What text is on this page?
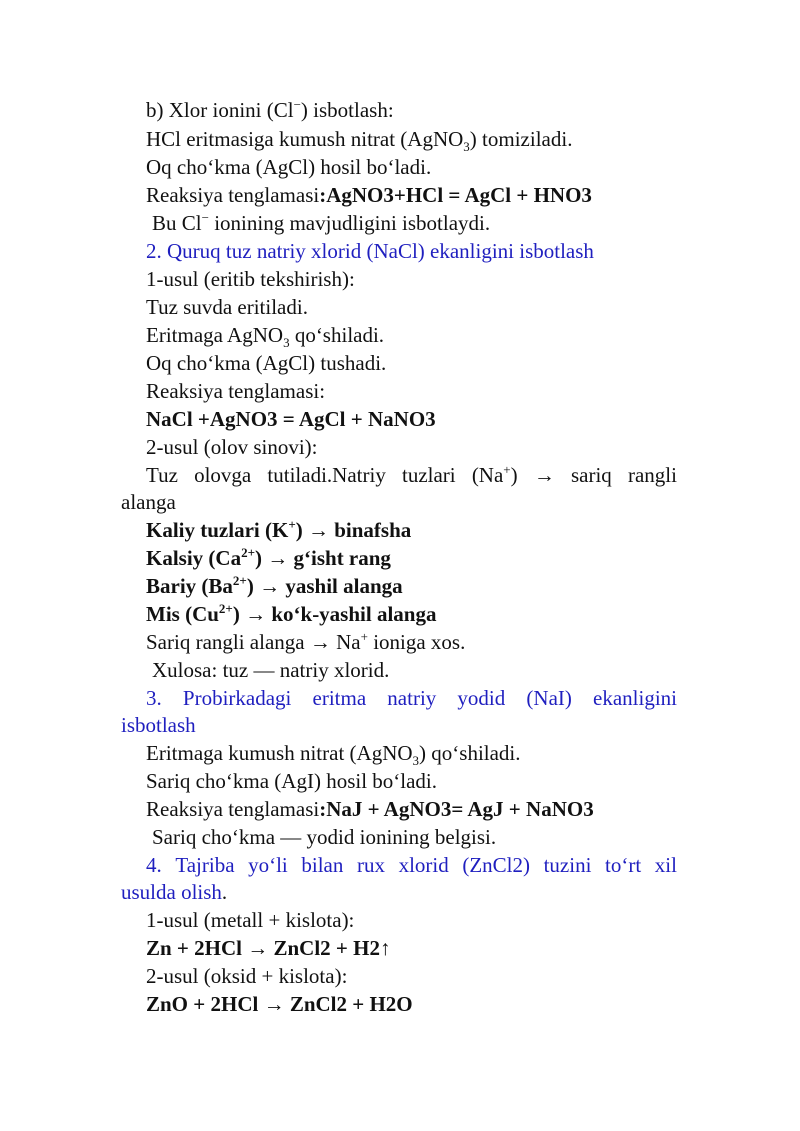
b) Xlor ionini (Cl−) isbotlash:
HCl eritmasiga kumush nitrat (AgNO$_3$) tomiziladi.
Oq cho‘kma (AgCl) hosil bo‘ladi.
Reaksiya tenglamasi:AgNO3+HCl = AgCl + HNO3
Bu Cl− ionining mavjudligini isbotlaydi.
2. Quruq tuz natriy xlorid (NaCl) ekanligini isbotlash
1-usul (eritib tekshirish):
Tuz suvda eritiladi.
Eritmaga AgNO$_3$ qo‘shiladi.
Oq cho‘kma (AgCl) tushadi.
Reaksiya tenglamasi:
NaCl +AgNO3 = AgCl + NaNO3
2-usul (olov sinovi):
Tuz olovga tutiladi.Natriy tuzlari (Na+) → sariq rangli
alanga
Kaliy tuzlari (K+) → binafsha
Kalsiy $(Ca^{2+})$ → g‘isht rang
Bariy $(Ba^{2+})$ → yashil alanga
Mis $(Cu^{2+})$ → ko‘k-yashil alanga
Sariq rangli alanga → Na+ ioniga xos.
Xulosa: tuz — natriy xlorid.
3. Probirkadagi eritma natriy yodid (NaI) ekanligini
isbotlash
Eritmaga kumush nitrat (AgNO$_3$) qo‘shiladi.
Sariq cho‘kma (AgI) hosil bo‘ladi.
Reaksiya tenglamasi:NaJ + AgNO3= AgJ + NaNO3
Sariq cho‘kma — yodid ionining belgisi.
4. Tajriba yo‘li bilan rux xlorid (ZnCl2) tuzini to‘rt xil
usulda olish.
1-usul (metall + kislota):
Zn + 2HCl → ZnCl2 + H2↑
2-usul (oksid + kislota):
ZnO + 2HCl → ZnCl2 + H2O
